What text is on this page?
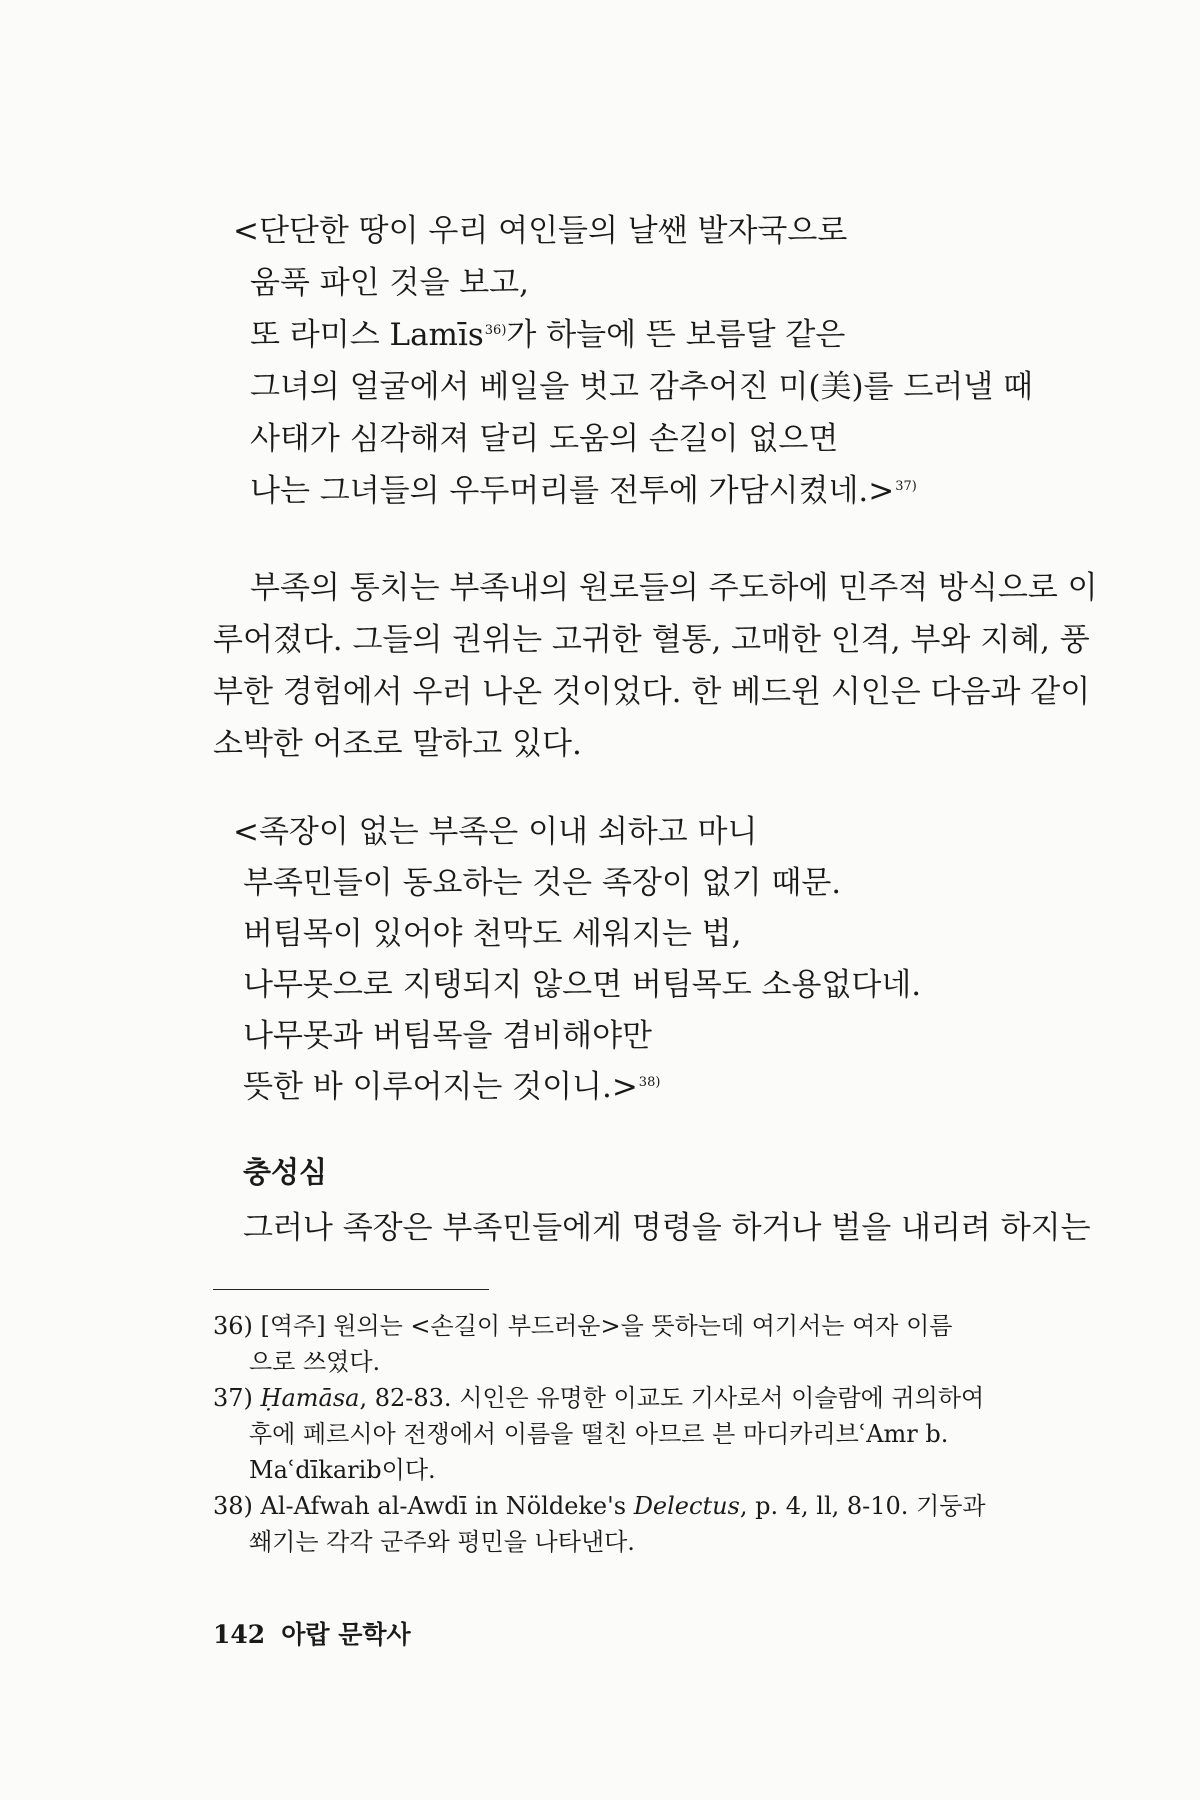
<단단한 땅이 우리 여인들의 날쌘 발자국으로
움푹 파인 것을 보고,
또 라미스 Lamīs$^{36)}$가 하늘에 뜬 보름달 같은
그녀의 얼굴에서 베일을 벗고 감추어진 미(美)를 드러낼 때
사태가 심각해져 달리 도움의 손길이 없으면
나는 그녀들의 우두머리를 전투에 가담시켰네.>$^{37)}$
부족의 통치는 부족내의 원로들의 주도하에 민주적 방식으로 이
루어졌다. 그들의 권위는 고귀한 혈통, 고매한 인격, 부와 지혜, 풍
부한 경험에서 우러 나온 것이었다. 한 베드윈 시인은 다음과 같이
소박한 어조로 말하고 있다.
<족장이 없는 부족은 이내 쇠하고 마니
부족민들이 동요하는 것은 족장이 없기 때문.
버팀목이 있어야 천막도 세워지는 법,
나무못으로 지탱되지 않으면 버팀목도 소용없다네.
나무못과 버팀목을 겸비해야만
뜻한 바 이루어지는 것이니.>$^{38)}$
충성심
그러나 족장은 부족민들에게 명령을 하거나 벌을 내리려 하지는
36) [역주] 원의는 <손길이 부드러운>을 뜻하는데 여기서는 여자 이름
으로 쓰였다.
37) Ḥamāsa, 82-83. 시인은 유명한 이교도 기사로서 이슬람에 귀의하여
후에 페르시아 전쟁에서 이름을 떨친 아므르 븐 마디카리브ʿAmr b.
Maʿdīkarib이다.
38) Al-Afwah al-Awdī in Nöldeke's Delectus, p. 4, ll, 8-10. 기둥과
쐐기는 각각 군주와 평민을 나타낸다.
142 아랍 문학사
